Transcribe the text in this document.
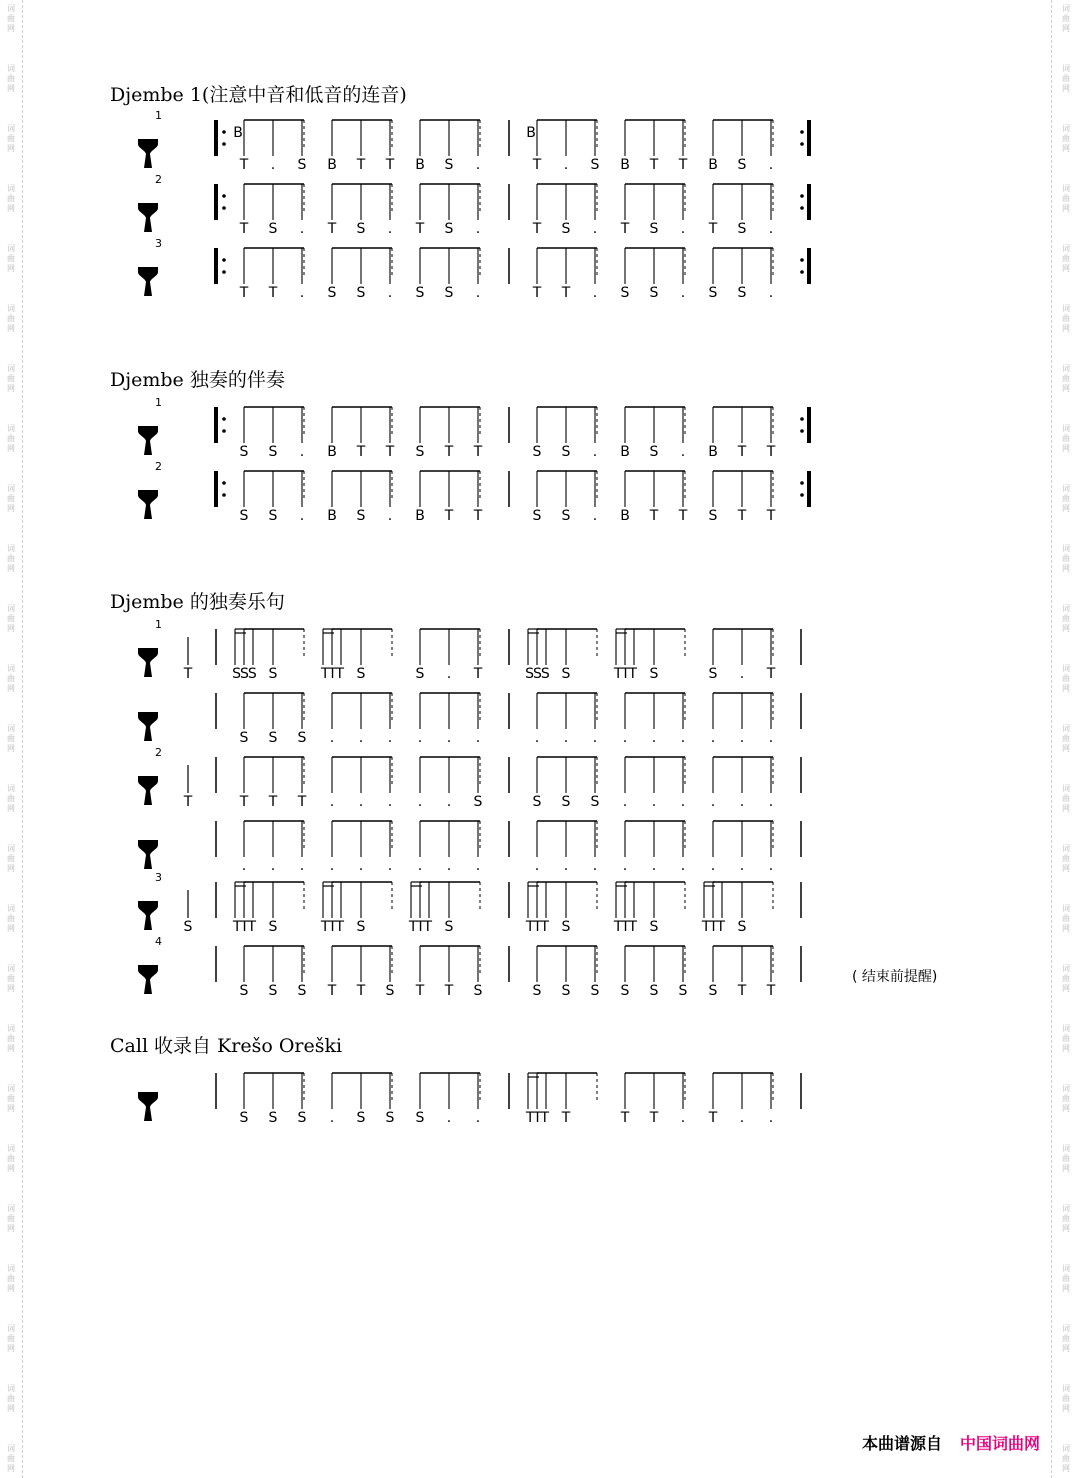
Djembe 1(注意中音和低音的连音)
Djembe 独奏的伴奏
Djembe 的独奏乐句
Call 收录自 Krešo Oreški
( 结束前提醒)
本曲谱源自 中国词曲网
词曲网
词曲网
词曲网
词曲网
词曲网
词曲网
词曲网
词曲网
词曲网
词曲网
词曲网
词曲网
词曲网
词曲网
词曲网
词曲网
词曲网
词曲网
词曲网
词曲网
词曲网
词曲网
词曲网
词曲网
词曲网
词曲网
词曲网
词曲网
词曲网
词曲网
词曲网
词曲网
词曲网
词曲网
词曲网
词曲网
词曲网
词曲网
词曲网
词曲网
词曲网
词曲网
词曲网
词曲网
词曲网
词曲网
词曲网
词曲网
词曲网
词曲网
1
B
T . S B T T B S .
B
T . S B T T B S .
2
T S . T S . T S .	T S . T S . T S .
3
T T . S S . S S .	T T . S S . S S .
1
S S . B T T S T T	S S . B S . B T T
2
S S . B S . B T T	S S . B T T S T T
1
T	SSS S	TTT S	S . T	SSS S	TTT S	S . T
S S S . . . . . .	. . . . . . . . .
2
T	T T T . . . . . S	S S S . . . . . .
. . . . . . . . .	. . . . . . . . .
3
S	TTT S	TTT S	TTT S	TTT S	TTT S	TTT S
4
S S S T T S T T S	S S S S S S S T T
S S S . S S S . .	TTT T	T T . T . .
